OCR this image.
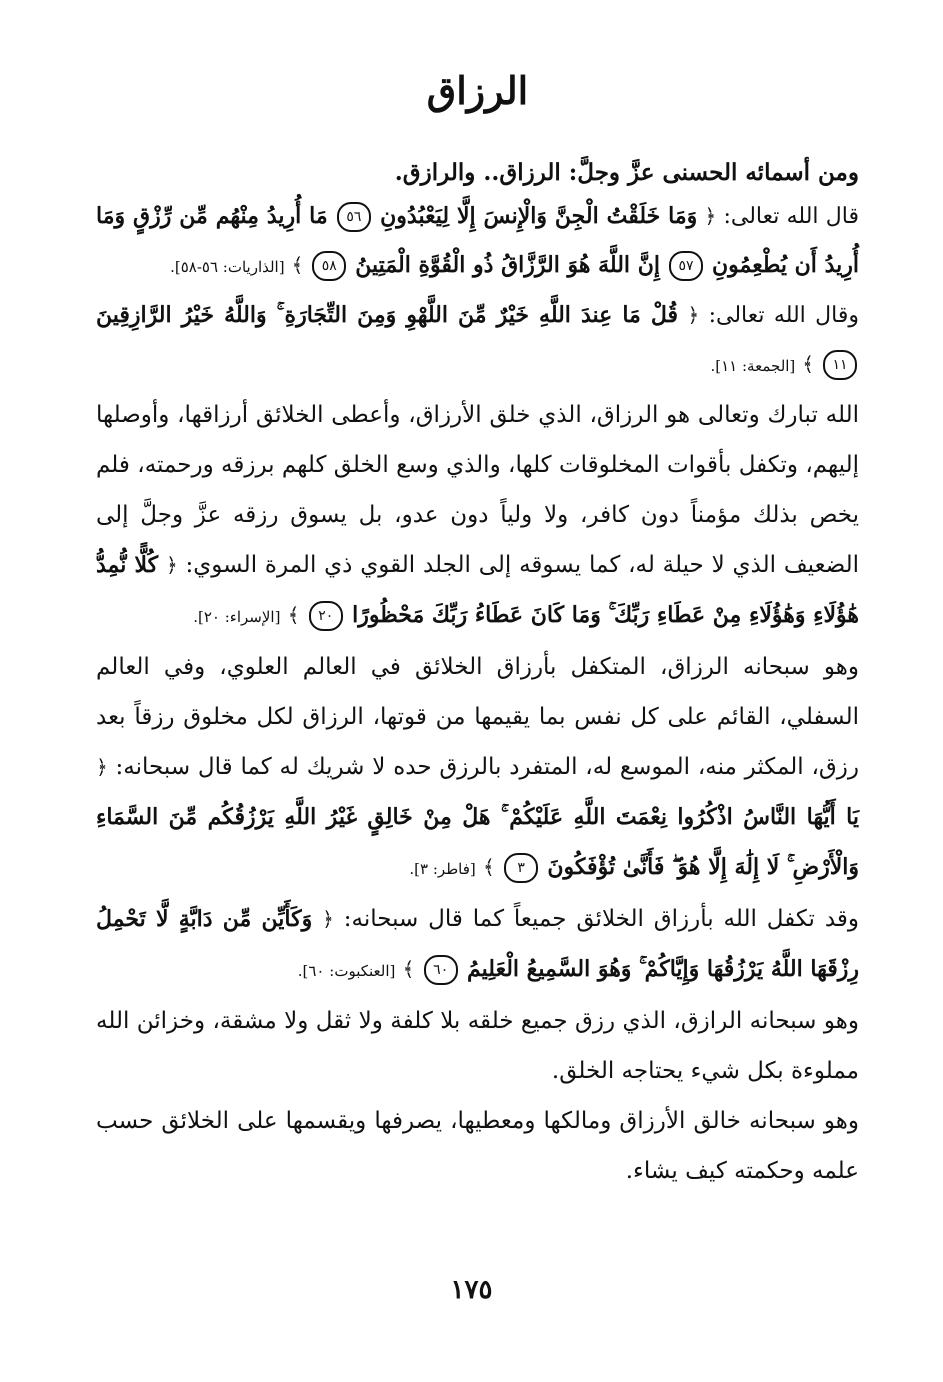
الرزاق

ومن أسمائه الحسنى عزَّ وجلَّ: الرزاق.. والرازق.

قال الله تعالى: ﴿ وَمَا خَلَقْتُ الْجِنَّ وَالْإِنسَ إِلَّا لِيَعْبُدُونِ ٥٦ مَا أُرِيدُ مِنْهُم مِّن رِّزْقٍ وَمَا أُرِيدُ أَن يُطْعِمُونِ ٥٧ إِنَّ اللَّهَ هُوَ الرَّزَّاقُ ذُو الْقُوَّةِ الْمَتِينُ ٥٨ ﴾ [الذاريات: ٥٦-٥٨].

وقال الله تعالى: ﴿ قُلْ مَا عِندَ اللَّهِ خَيْرٌ مِّنَ اللَّهْوِ وَمِنَ التِّجَارَةِ ۚ وَاللَّهُ خَيْرُ الرَّازِقِينَ ١١ ﴾ [الجمعة: ١١].

الله تبارك وتعالى هو الرزاق، الذي خلق الأرزاق، وأعطى الخلائق أرزاقها، وأوصلها إليهم، وتكفل بأقوات المخلوقات كلها، والذي وسع الخلق كلهم برزقه ورحمته، فلم يخص بذلك مؤمناً دون كافر، ولا ولياً دون عدو، بل يسوق رزقه عزَّ وجلَّ إلى الضعيف الذي لا حيلة له، كما يسوقه إلى الجلد القوي ذي المرة السوي: ﴿ كُلًّا نُّمِدُّ هَٰؤُلَاءِ وَهَٰؤُلَاءِ مِنْ عَطَاءِ رَبِّكَ ۚ وَمَا كَانَ عَطَاءُ رَبِّكَ مَحْظُورًا ٢٠ ﴾ [الإسراء: ٢٠].

وهو سبحانه الرزاق، المتكفل بأرزاق الخلائق في العالم العلوي، وفي العالم السفلي، القائم على كل نفس بما يقيمها من قوتها، الرزاق لكل مخلوق رزقاً بعد رزق، المكثر منه، الموسع له، المتفرد بالرزق حده لا شريك له كما قال سبحانه: ﴿ يَا أَيُّهَا النَّاسُ اذْكُرُوا نِعْمَتَ اللَّهِ عَلَيْكُمْ ۚ هَلْ مِنْ خَالِقٍ غَيْرُ اللَّهِ يَرْزُقُكُم مِّنَ السَّمَاءِ وَالْأَرْضِ ۚ لَا إِلَٰهَ إِلَّا هُوَ ۖ فَأَنَّىٰ تُؤْفَكُونَ ٣ ﴾ [فاطر: ٣].

وقد تكفل الله بأرزاق الخلائق جميعاً كما قال سبحانه: ﴿ وَكَأَيِّن مِّن دَابَّةٍ لَّا تَحْمِلُ رِزْقَهَا اللَّهُ يَرْزُقُهَا وَإِيَّاكُمْ ۚ وَهُوَ السَّمِيعُ الْعَلِيمُ ٦٠ ﴾ [العنكبوت: ٦٠].

وهو سبحانه الرازق، الذي رزق جميع خلقه بلا كلفة ولا ثقل ولا مشقة، وخزائن الله مملوءة بكل شيء يحتاجه الخلق.

وهو سبحانه خالق الأرزاق ومالكها ومعطيها، يصرفها ويقسمها على الخلائق حسب علمه وحكمته كيف يشاء.

١٧٥
